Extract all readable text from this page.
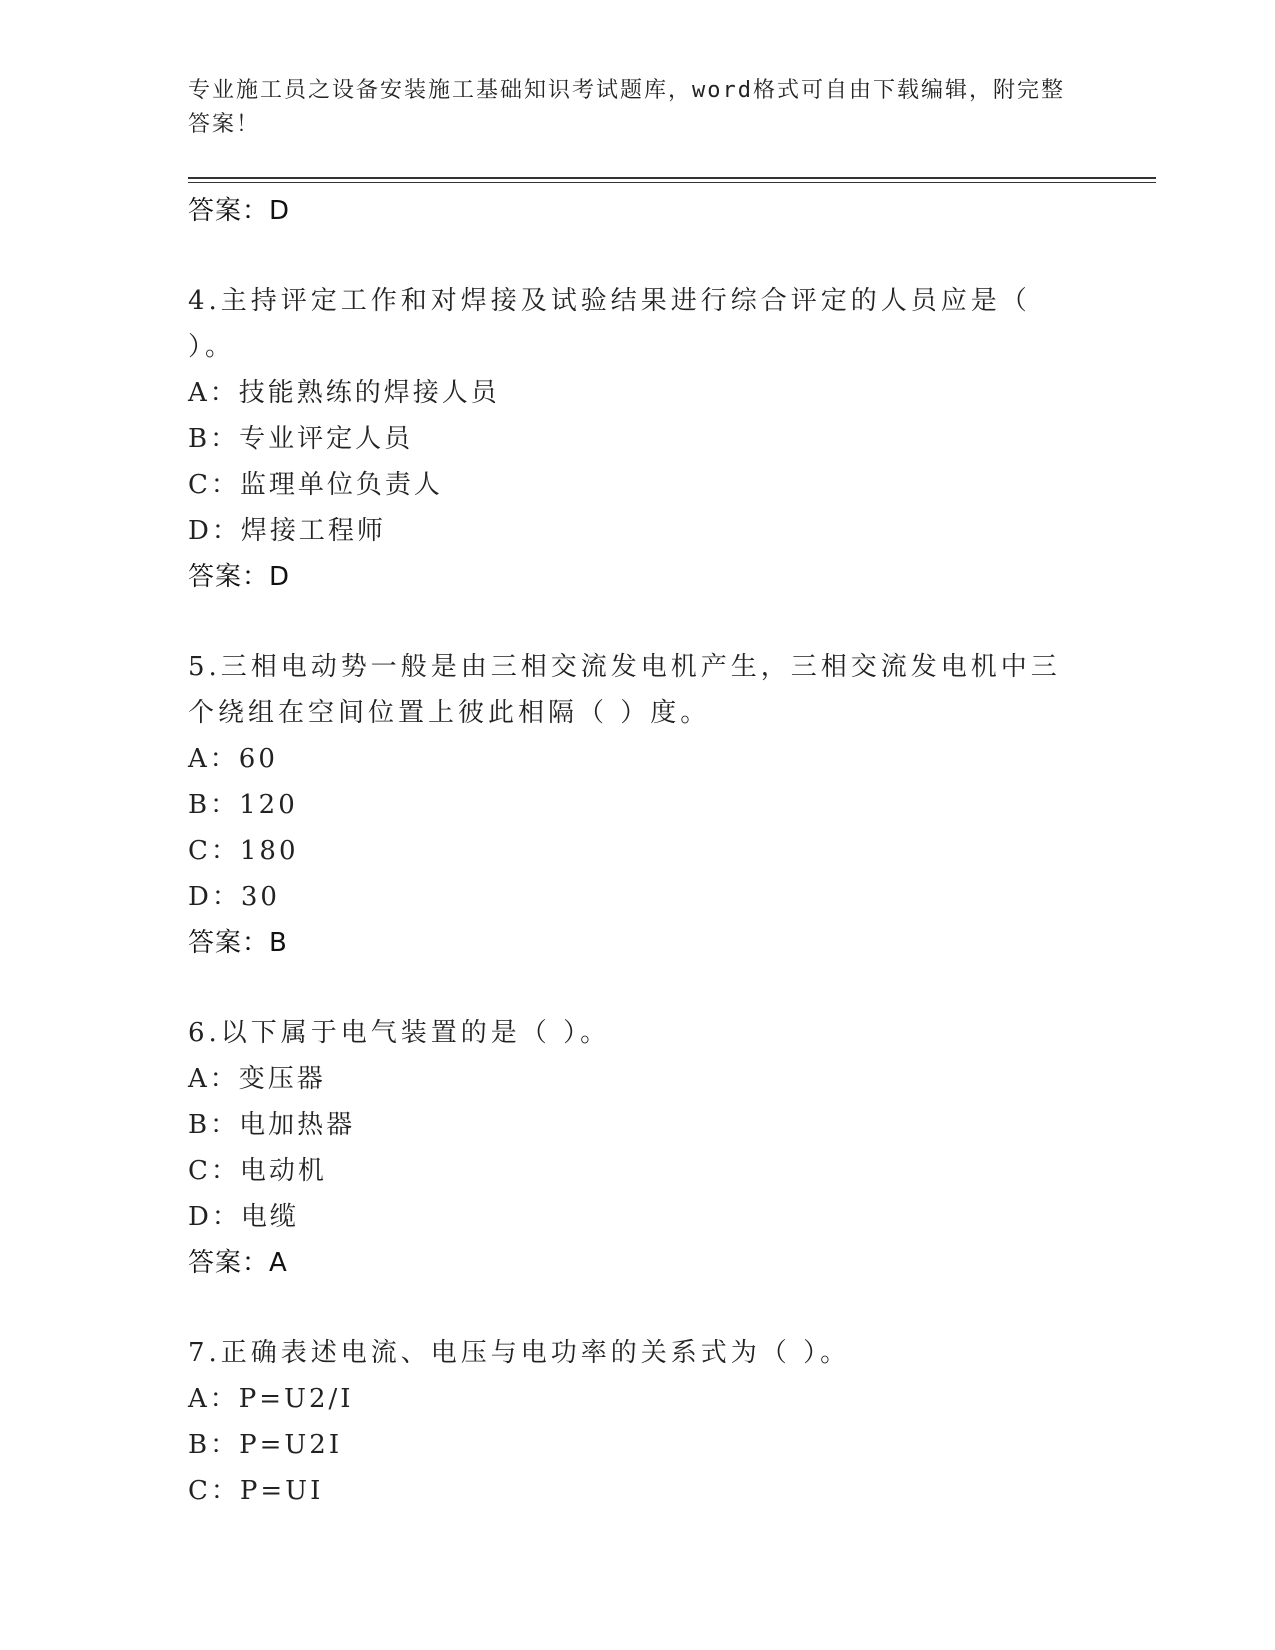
专业施工员之设备安装施工基础知识考试题库，word格式可自由下载编辑，附完整答案！
答案：D
4.主持评定工作和对焊接及试验结果进行综合评定的人员应是（ ）。
A：技能熟练的焊接人员
B：专业评定人员
C：监理单位负责人
D：焊接工程师
答案：D
5.三相电动势一般是由三相交流发电机产生，三相交流发电机中三个绕组在空间位置上彼此相隔（ ）度。
A：60
B：120
C：180
D：30
答案：B
6.以下属于电气装置的是（ ）。
A：变压器
B：电加热器
C：电动机
D：电缆
答案：A
7.正确表述电流、电压与电功率的关系式为（ ）。
A：P=U2/I
B：P=U2I
C：P=UI
